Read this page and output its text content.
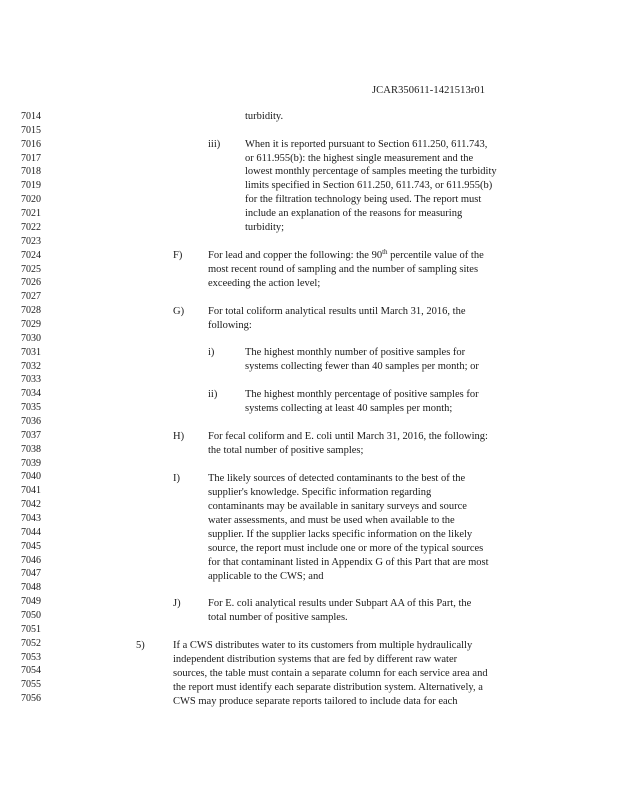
JCAR350611-1421513r01
7014
7015
7016
7017
7018
7019
7020
7021
7022
7023
7024
7025
7026
7027
7028
7029
7030
7031
7032
7033
7034
7035
7036
7037
7038
7039
7040
7041
7042
7043
7044
7045
7046
7047
7048
7049
7050
7051
7052
7053
7054
7055
7056
turbidity.
iii) When it is reported pursuant to Section 611.250, 611.743,
or 611.955(b): the highest single measurement and the
lowest monthly percentage of samples meeting the turbidity
limits specified in Section 611.250, 611.743, or 611.955(b)
for the filtration technology being used. The report must
include an explanation of the reasons for measuring
turbidity;
F) For lead and copper the following: the 90th percentile value of the
most recent round of sampling and the number of sampling sites
exceeding the action level;
G) For total coliform analytical results until March 31, 2016, the
following:
i)	The highest monthly number of positive samples for
systems collecting fewer than 40 samples per month; or
ii)	The highest monthly percentage of positive samples for
systems collecting at least 40 samples per month;
H) For fecal coliform and E. coli until March 31, 2016, the following:
the total number of positive samples;
I)	The likely sources of detected contaminants to the best of the
supplier's knowledge. Specific information regarding
contaminants may be available in sanitary surveys and source
water assessments, and must be used when available to the
supplier. If the supplier lacks specific information on the likely
source, the report must include one or more of the typical sources
for that contaminant listed in Appendix G of this Part that are most
applicable to the CWS; and
J)	For E. coli analytical results under Subpart AA of this Part, the
total number of positive samples.
5)	If a CWS distributes water to its customers from multiple hydraulically
independent distribution systems that are fed by different raw water
sources, the table must contain a separate column for each service area and
the report must identify each separate distribution system. Alternatively, a
CWS may produce separate reports tailored to include data for each
